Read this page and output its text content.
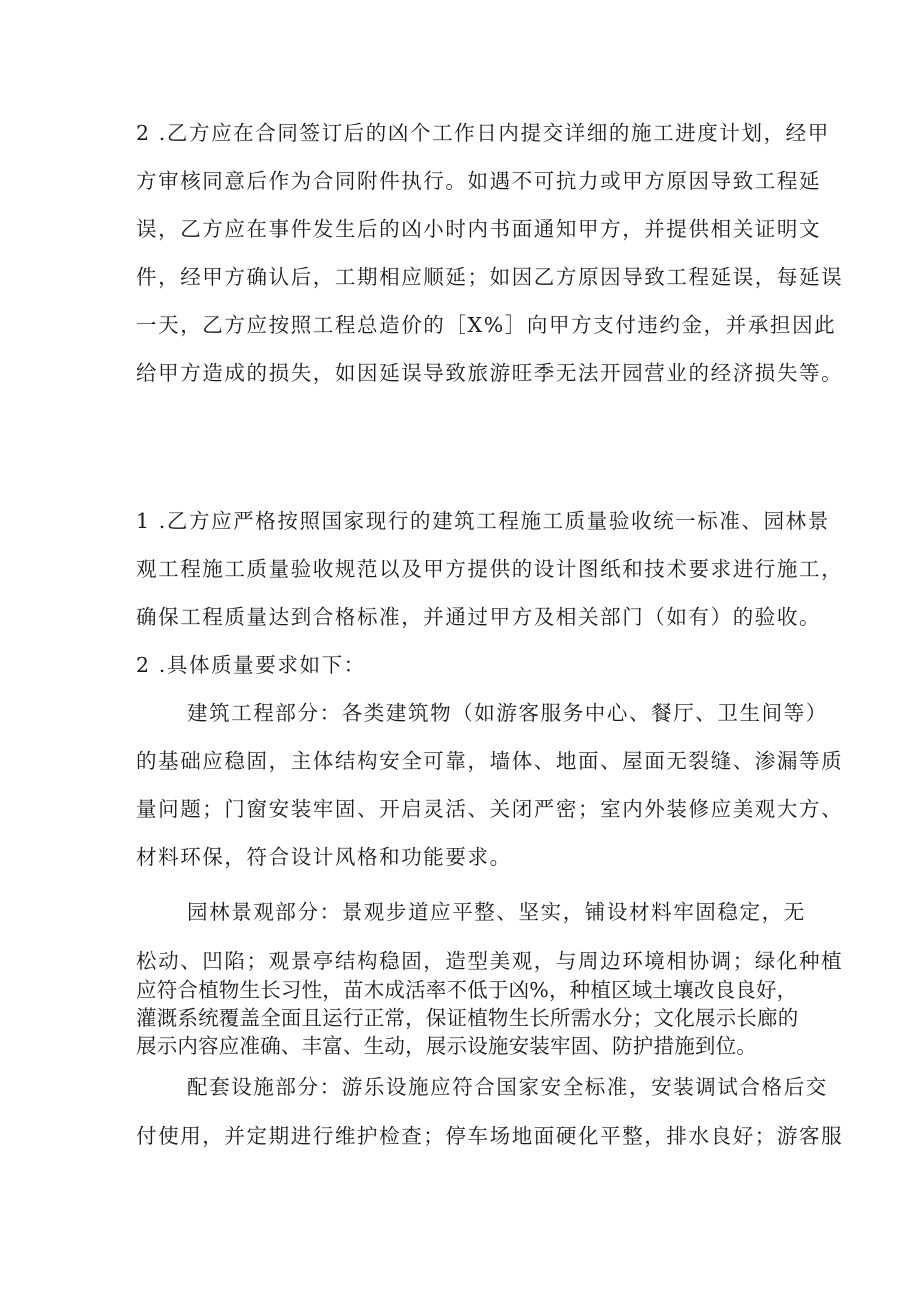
2 .乙方应在合同签订后的凶个工作日内提交详细的施工进度计划，经甲
方审核同意后作为合同附件执行。如遇不可抗力或甲方原因导致工程延
误，乙方应在事件发生后的凶小时内书面通知甲方，并提供相关证明文
件，经甲方确认后，工期相应顺延；如因乙方原因导致工程延误，每延误
一天，乙方应按照工程总造价的［X%］向甲方支付违约金，并承担因此
给甲方造成的损失，如因延误导致旅游旺季无法开园营业的经济损失等。
1 .乙方应严格按照国家现行的建筑工程施工质量验收统一标准、园林景
观工程施工质量验收规范以及甲方提供的设计图纸和技术要求进行施工，
确保工程质量达到合格标准，并通过甲方及相关部门（如有）的验收。
2 .具体质量要求如下：
建筑工程部分：各类建筑物（如游客服务中心、餐厅、卫生间等）
的基础应稳固，主体结构安全可靠，墙体、地面、屋面无裂缝、渗漏等质
量问题；门窗安装牢固、开启灵活、关闭严密；室内外装修应美观大方、
材料环保，符合设计风格和功能要求。
园林景观部分：景观步道应平整、坚实，铺设材料牢固稳定，无
松动、凹陷；观景亭结构稳固，造型美观，与周边环境相协调；绿化种植
应符合植物生长习性，苗木成活率不低于凶%，种植区域土壤改良良好，
灌溉系统覆盖全面且运行正常，保证植物生长所需水分；文化展示长廊的
展示内容应准确、丰富、生动，展示设施安装牢固、防护措施到位。
配套设施部分：游乐设施应符合国家安全标准，安装调试合格后交
付使用，并定期进行维护检查；停车场地面硬化平整，排水良好；游客服
